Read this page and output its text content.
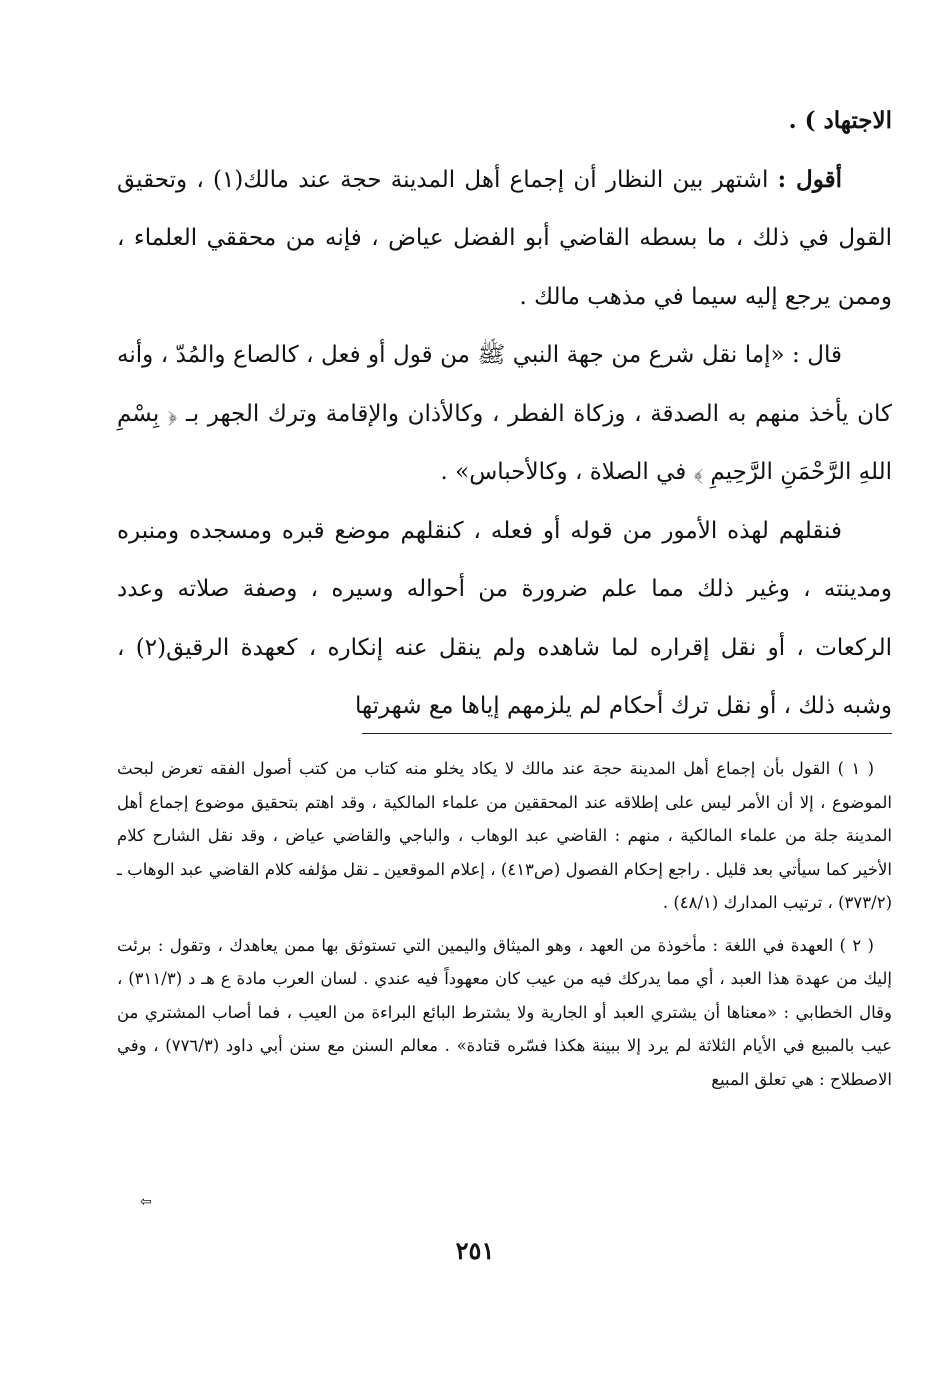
الاجتهاد ) .

أقول : اشتهر بين النظار أن إجماع أهل المدينة حجة عند مالك(١) ، وتحقيق القول في ذلك ، ما بسطه القاضي أبو الفضل عياض ، فإنه من محققي العلماء ، وممن يرجع إليه سيما في مذهب مالك .

قال : «إما نقل شرع من جهة النبي ﷺ من قول أو فعل ، كالصاع والمُدّ ، وأنه كان يأخذ منهم به الصدقة ، وزكاة الفطر ، وكالأذان والإقامة وترك الجهر بـ ﴿ بِسْمِ اللهِ الرَّحْمَنِ الرَّحِيمِ ﴾ في الصلاة ، وكالأحباس» .

فنقلهم لهذه الأمور من قوله أو فعله ، كنقلهم موضع قبره ومسجده ومنبره ومدينته ، وغير ذلك مما علم ضرورة من أحواله وسيره ، وصفة صلاته وعدد الركعات ، أو نقل إقراره لما شاهده ولم ينقل عنه إنكاره ، كعهدة الرقيق(٢) ، وشبه ذلك ، أو نقل ترك أحكام لم يلزمهم إياها مع شهرتها

( ١ ) القول بأن إجماع أهل المدينة حجة عند مالك لا يكاد يخلو منه كتاب من كتب أصول الفقه تعرض لبحث الموضوع ، إلا أن الأمر ليس على إطلاقه عند المحققين من علماء المالكية ، وقد اهتم بتحقيق موضوع إجماع أهل المدينة جلة من علماء المالكية ، منهم : القاضي عبد الوهاب ، والباجي والقاضي عياض ، وقد نقل الشارح كلام الأخير كما سيأتي بعد قليل . راجع إحكام الفصول (ص٤١٣) ، إعلام الموقعين ـ نقل مؤلفه كلام القاضي عبد الوهاب ـ (٣٧٣/٢) ، ترتيب المدارك (٤٨/١) .

( ٢ ) العهدة في اللغة : مأخوذة من العهد ، وهو الميثاق واليمين التي تستوثق بها ممن يعاهدك ، وتقول : برئت إليك من عهدة هذا العبد ، أي مما يدركك فيه من عيب كان معهوداً فيه عندي . لسان العرب مادة ع هـ د (٣١١/٣) ، وقال الخطابي : «معناها أن يشتري العبد أو الجارية ولا يشترط البائع البراءة من العيب ، فما أصاب المشتري من عيب بالمبيع في الأيام الثلاثة لم يرد إلا ببينة هكذا فسّره قتادة» . معالم السنن مع سنن أبي داود (٧٧٦/٣) ، وفي الاصطلاح : هي تعلق المبيع

⇦
٢٥١
